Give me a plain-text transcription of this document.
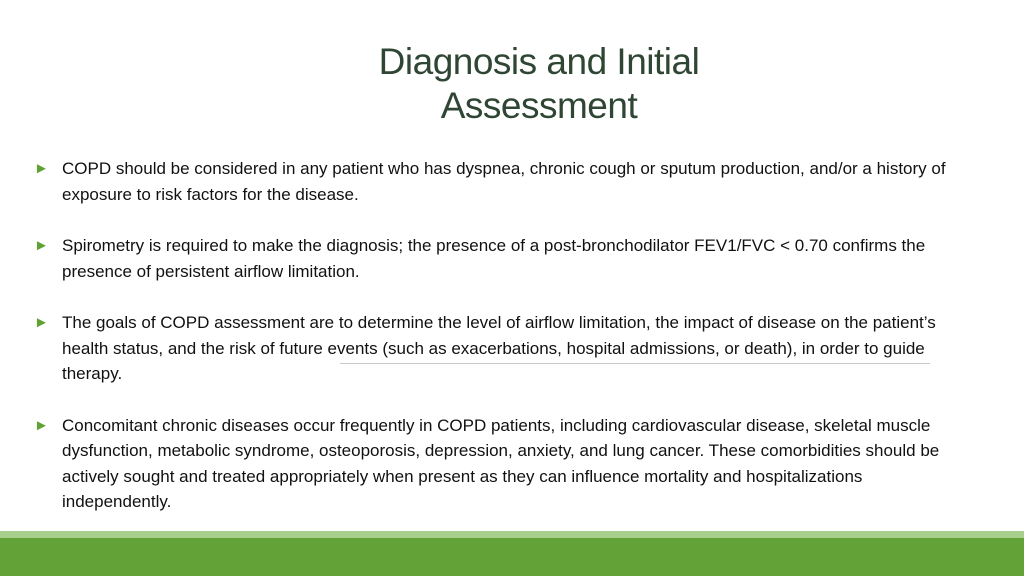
Diagnosis and Initial
Assessment
► COPD should be considered in any patient who has dyspnea, chronic cough or sputum production, and/or a history of exposure to risk factors for the disease.
► Spirometry is required to make the diagnosis; the presence of a post-bronchodilator FEV1/FVC < 0.70 confirms the presence of persistent airflow limitation.
► The goals of COPD assessment are to determine the level of airflow limitation, the impact of disease on the patient’s health status, and the risk of future events (such as exacerbations, hospital admissions, or death), in order to guide therapy.
► Concomitant chronic diseases occur frequently in COPD patients, including cardiovascular disease, skeletal muscle dysfunction, metabolic syndrome, osteoporosis, depression, anxiety, and lung cancer. These comorbidities should be actively sought and treated appropriately when present as they can influence mortality and hospitalizations independently.
